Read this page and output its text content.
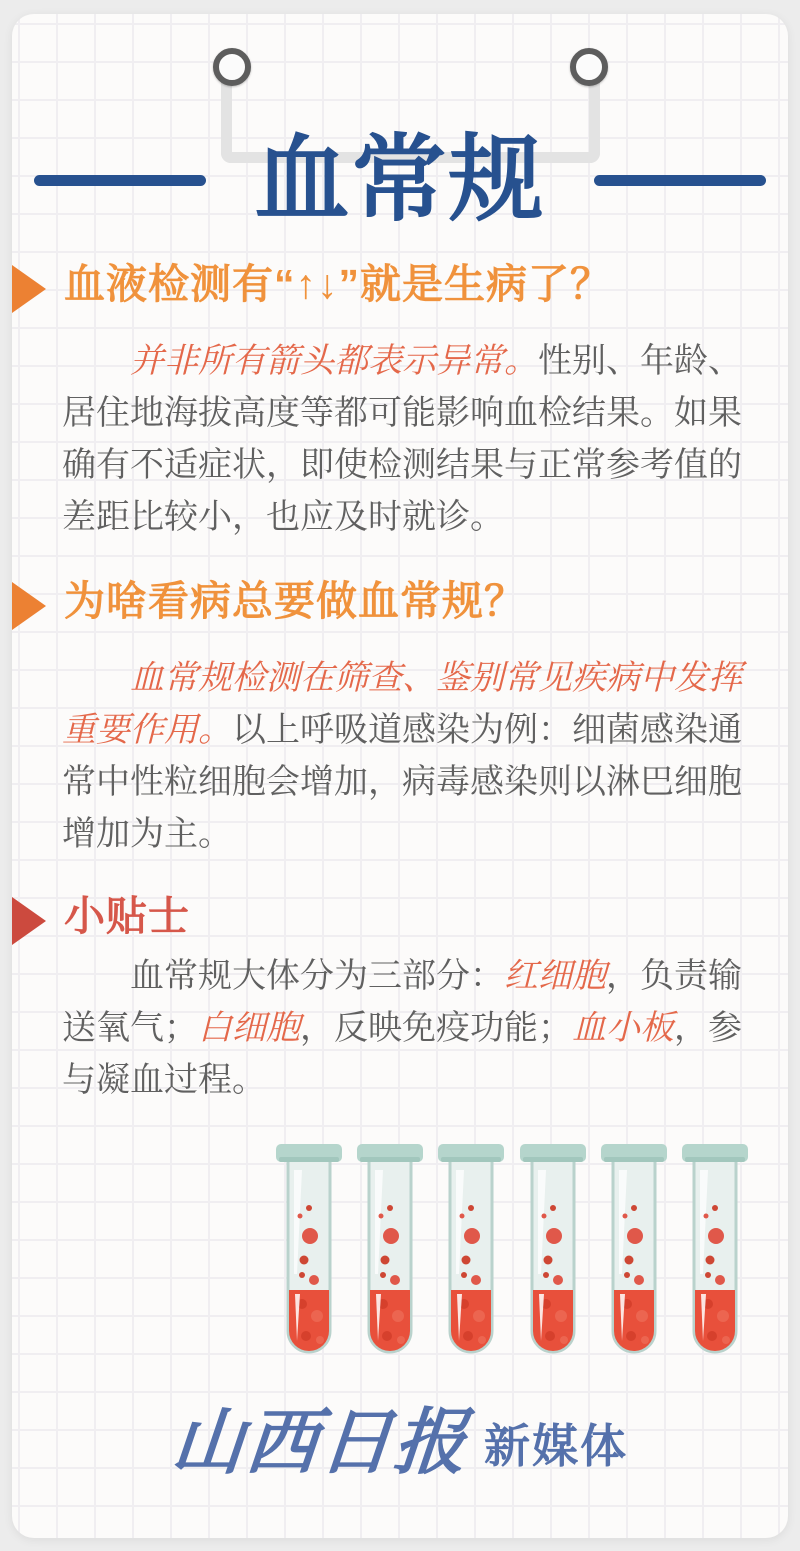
血常规
血液检测有“↑↓”就是生病了？

并非所有箭头都表示异常。性别、年龄、居住地海拔高度等都可能影响血检结果。如果确有不适症状，即使检测结果与正常参考值的差距比较小，也应及时就诊。

为啥看病总要做血常规？

血常规检测在筛查、鉴别常见疾病中发挥重要作用。以上呼吸道感染为例：细菌感染通常中性粒细胞会增加，病毒感染则以淋巴细胞增加为主。

小贴士

血常规大体分为三部分：红细胞，负责输送氧气；白细胞，反映免疫功能；血小板，参与凝血过程。

山西日报 新媒体
